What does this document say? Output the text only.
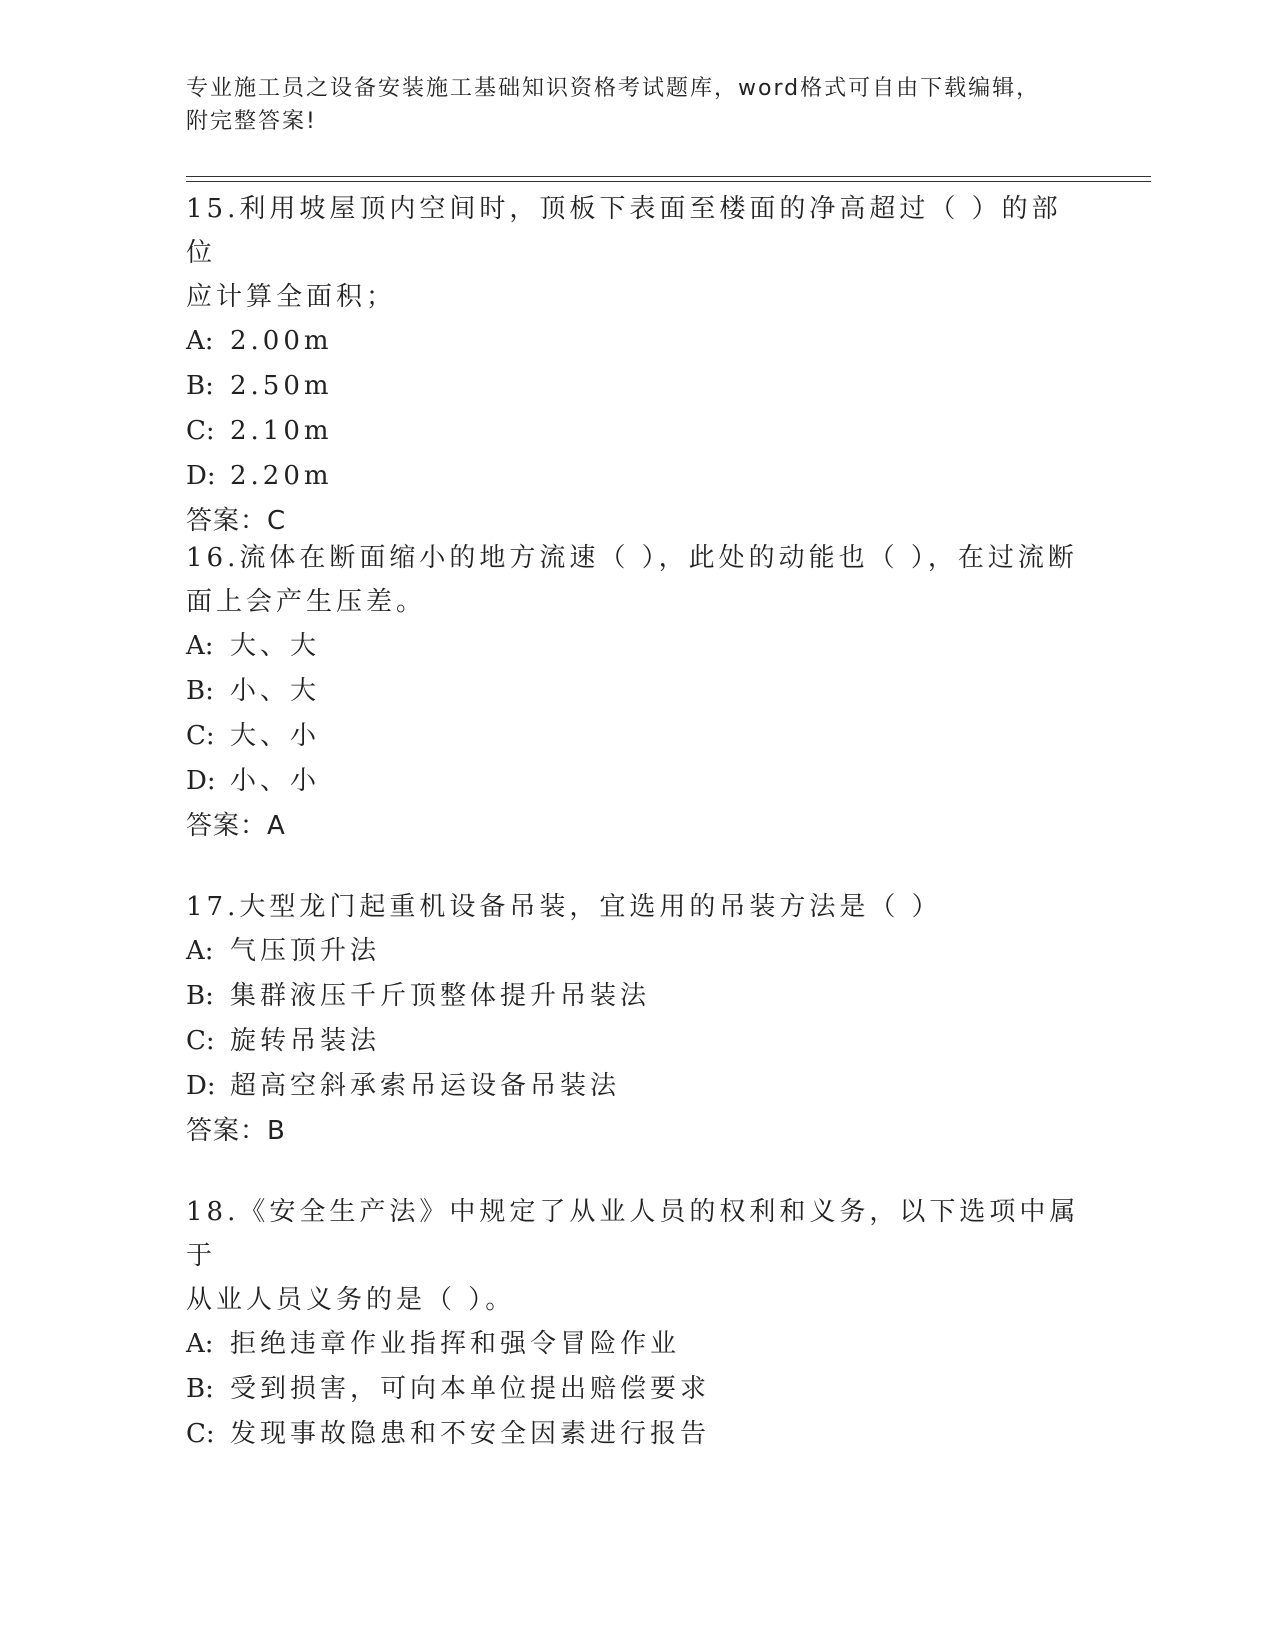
专业施工员之设备安装施工基础知识资格考试题库，word格式可自由下载编辑，
附完整答案!

15.利用坡屋顶内空间时，顶板下表面至楼面的净高超过（ ）的部位

应计算全面积；

A: 2.00m

B: 2.50m

C: 2.10m

D: 2.20m

答案：C

16.流体在断面缩小的地方流速（ ），此处的动能也（ ），在过流断

面上会产生压差。

A: 大、大

B: 小、大

C: 大、小

D: 小、小

答案：A

17.大型龙门起重机设备吊装，宜选用的吊装方法是（ ）

A: 气压顶升法

B: 集群液压千斤顶整体提升吊装法

C: 旋转吊装法

D: 超高空斜承索吊运设备吊装法

答案：B

18.《安全生产法》中规定了从业人员的权利和义务，以下选项中属于

从业人员义务的是（ ）。

A: 拒绝违章作业指挥和强令冒险作业

B: 受到损害，可向本单位提出赔偿要求

C: 发现事故隐患和不安全因素进行报告
